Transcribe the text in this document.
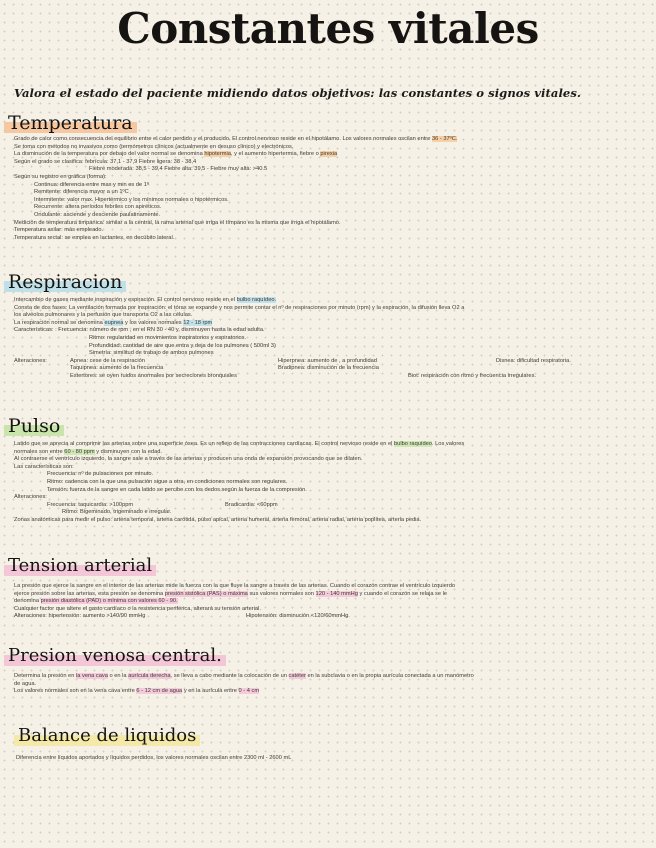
Constantes vitales
Valora el estado del paciente midiendo datos objetivos: las constantes o signos vitales.
Temperatura
Grado de calor como consecuencia del equilibrio entre el calor perdido y el producido. El control nervioso reside en el hipotálamo. Los valores normales oscilan entre 36 - 37ºC.
Se toma con métodos no invasivos como (termómetros clínicos (actualmente en desuso clínico) y electrónicos.
La disminución de la temperatura por debajo del valor normal se denomina hipotermia, y el aumento hipertermia, fiebre o pirexia
Según el grado se clasifica: febrícula: 37,1 - 37,9 Fiebre ligera: 38 - 38,4
Fiebre moderada: 38,5 - 39,4 Fiebre alta: 39,5 - Fiebre muy alta: >40.5
Según su registro en gráfica (forma):
Continua: diferencia entre max y min es de 1º
Remitente: diferencia mayor a un 1ºC
Intermitente: valor max. Hipertérmico y los mínimos normales o hipotérmicos.
Recurrente: altera períodos febriles con apiréticos.
Ondulante: asciende y desciende paulatinamente.
Medición de temperatura timpánica: similar a la central, la rama arterial que irriga el tímpano es la misma que irriga el hipotálamo.
Temperatura axilar: más empleado.
Temperatura rectal: se emplea en lactantes, en decúbito lateral.
Respiracion
Intercambio de gases mediante inspiración y espiración. El control nervioso reside en el bulbo raquídeo.
Consta de dos fases: La ventilación formada por inspiración: el tórax se expande y nos permite contar el nº de respiraciones por minuto (rpm) y la espiración, la difusión lleva O2 a
los alvéolos pulmonares y la perfusión que transporta O2 a las células.
La respiración normal se denomina eupnea y los valores normales 12 - 18 rpm
Características: : Frecuencia: número de rpm , en el RN 30 - 40 y, disminuyen hasta la edad adulta.
Ritmo: regularidad en movimientos inspiratorios y espiratorios.
Profundidad: cantidad de aire que entra y deja de los pulmones ( 500ml 3)
Simetría: similitud de trabajo de ambos pulmones
Alteraciones:	Apnea: cese de la respiración	Hiperpnea: aumento de , a profundidad	Disnea: dificultad respiratoria.
Taquipnea: aumento de la frecuencia	Bradipnea: disminución de la frecuencia
Estertores: se oyen ruidos anormales por secreciones bronquiales	Biot: respiración con ritmo y frecuencia irregulares.
Pulso
Latido que se aprecia al comprimir las arterias sobre una superficie ósea. Es un reflejo de las contracciones cardíacas. El control nervioso reside en el bulbo raquídeo. Los valores
normales son entre 60 - 80 ppm y disminuyen con la edad.
Al contraerse el ventrículo izquierdo, la sangre sale a través de las arterias y producen una onda de expansión provocando que se dilaten.
Las características son:
Frecuencia: nº de pulsaciones por minuto.
Ritmo: cadencia con la que una pulsación sigue a otra, en condiciones normales son regulares.
Tensión: fuerza de la sangre en cada latido se percibe con los dedos según la fuerza de la compresión.
Alteraciones:
Frecuencia: taquicardia: >100ppm	Bradicardia: <60ppm
Ritmo: Bigeminado, trigeminado e irregular.
Zonas anatómicas para medir el pulso: arteria temporal, arteria carótida, pulso apical, arteria humeral, arteria femoral, arteria radial, arteria poplítea, arteria pedia.
Tension arterial
La presión que ejerce la sangre en el interior de las arterias mide la fuerza con la que fluye la sangre a través de las arterias. Cuando el corazón contrae el ventrículo izquierdo
ejerce presión sobre las arterias, esta presión se denomina presión sistólica (PAS) o máxima sus valores normales son 120 - 140 mmHg y cuando el corazón se relaja se le
denomina presión diastólica (PAD) o mínima con valores 60 - 90.
Cualquier factor que altere el gasto cardíaco o la resistencia periférica, alterará su tensión arterial.
Alteraciones: hipertensión: aumento >140/90 mmHg	Hipotensión: disminución <120/60mmHg.
Presion venosa central.
Determina la presión en la vena cava o en la aurícula derecha, se lleva a cabo mediante la colocación de un catéter en la subclavia o en la propia aurícula conectada a un manómetro
de agua.
Los valores normales son en la vena cava entre 6 - 12 cm de agua y en la aurícula entre 0 - 4 cm
Balance de liquidos
Diferencia entre líquidos aportados y líquidos perdidos, los valores normales oscilan entre 2300 ml - 2600 mL
